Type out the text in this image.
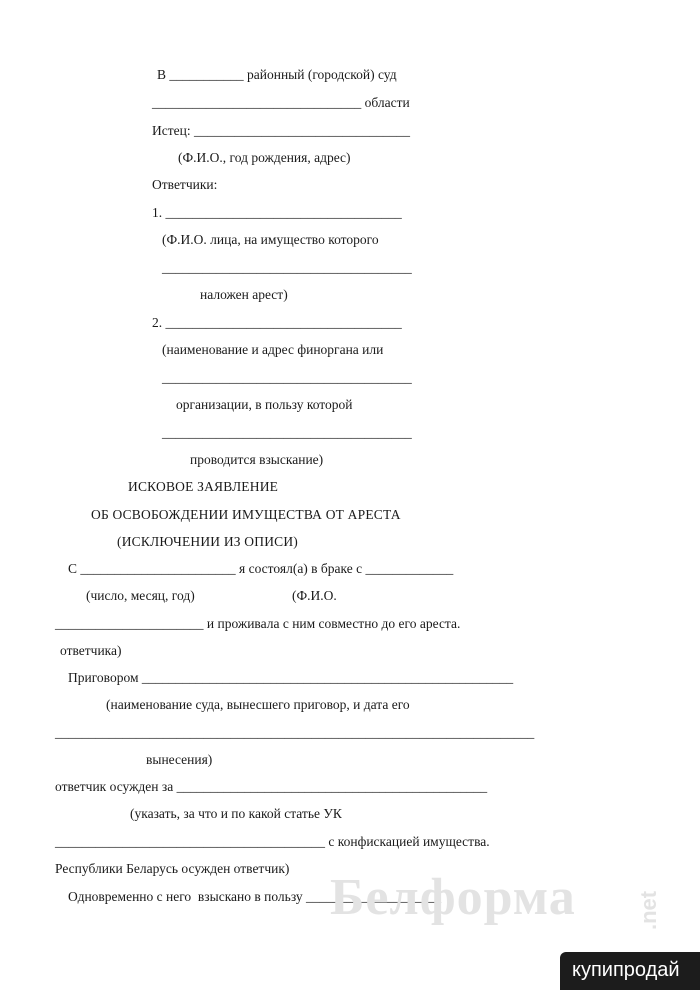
В ___________ районный (городской) суд
_______________________________ области
Истец: ________________________________
(Ф.И.О., год рождения, адрес)
Ответчики:
1. ___________________________________
(Ф.И.О. лица, на имущество которого
_____________________________________
наложен арест)
2. ___________________________________
(наименование и адрес финоргана или
_____________________________________
организации, в пользу которой
_____________________________________
проводится взыскание)
ИСКОВОЕ ЗАЯВЛЕНИЕ
ОБ ОСВОБОЖДЕНИИ ИМУЩЕСТВА ОТ АРЕСТА
(ИСКЛЮЧЕНИИ ИЗ ОПИСИ)
С _______________________ я состоял(а) в браке с _____________
(число, месяц, год)	(Ф.И.О.
______________________ и проживала с ним совместно до его ареста.
ответчика)
Приговором _______________________________________________________
(наименование суда, вынесшего приговор, и дата его
_______________________________________________________________________
вынесения)
ответчик осужден за ______________________________________________
(указать, за что и по какой статье УК
________________________________________ с конфискацией имущества.
Республики Беларусь осужден ответчик)
Одновременно с него  взыскано в пользу ____________________
Белформа	.net
купипродай
